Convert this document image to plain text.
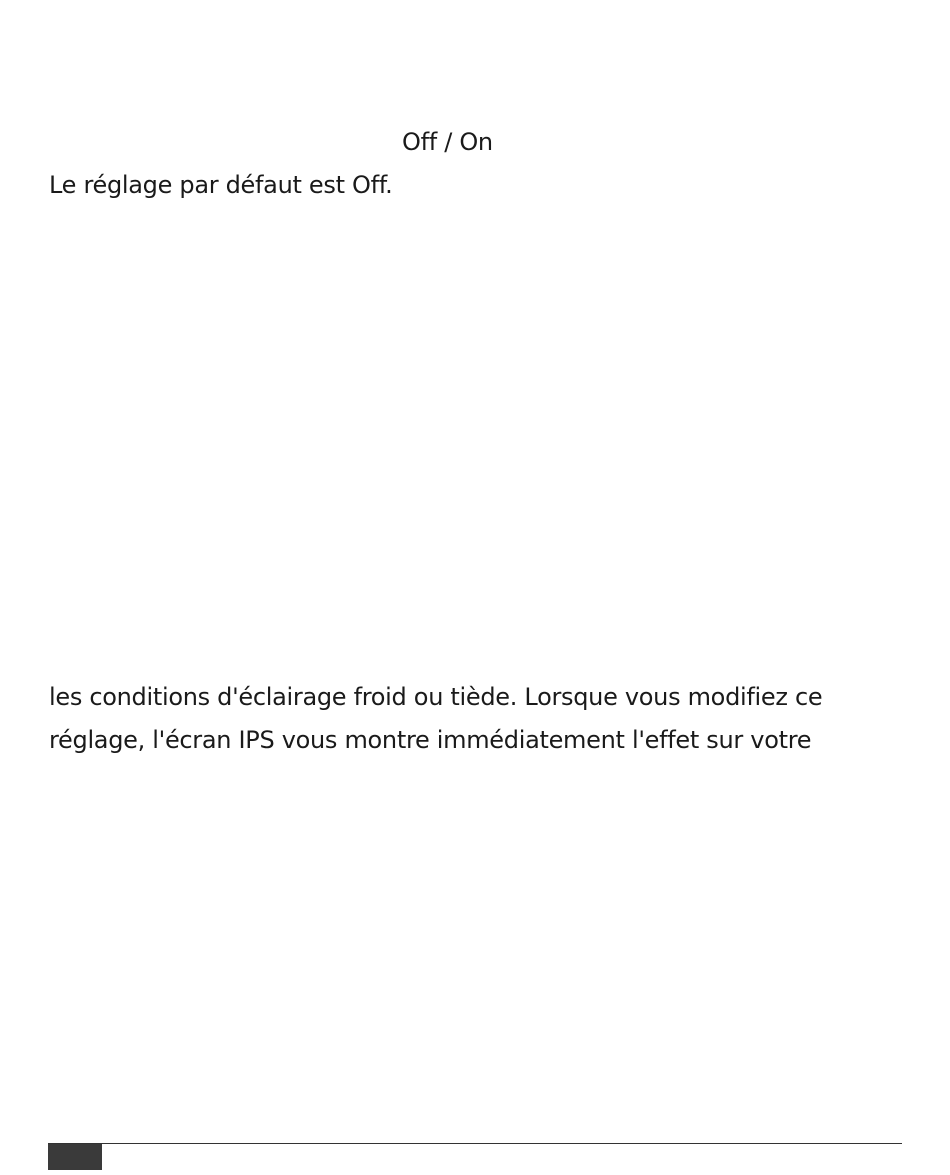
Off / On
Le réglage par défaut est Off.
les conditions d'éclairage froid ou tiède. Lorsque vous modifiez ce
réglage, l'écran IPS vous montre immédiatement l'effet sur votre
